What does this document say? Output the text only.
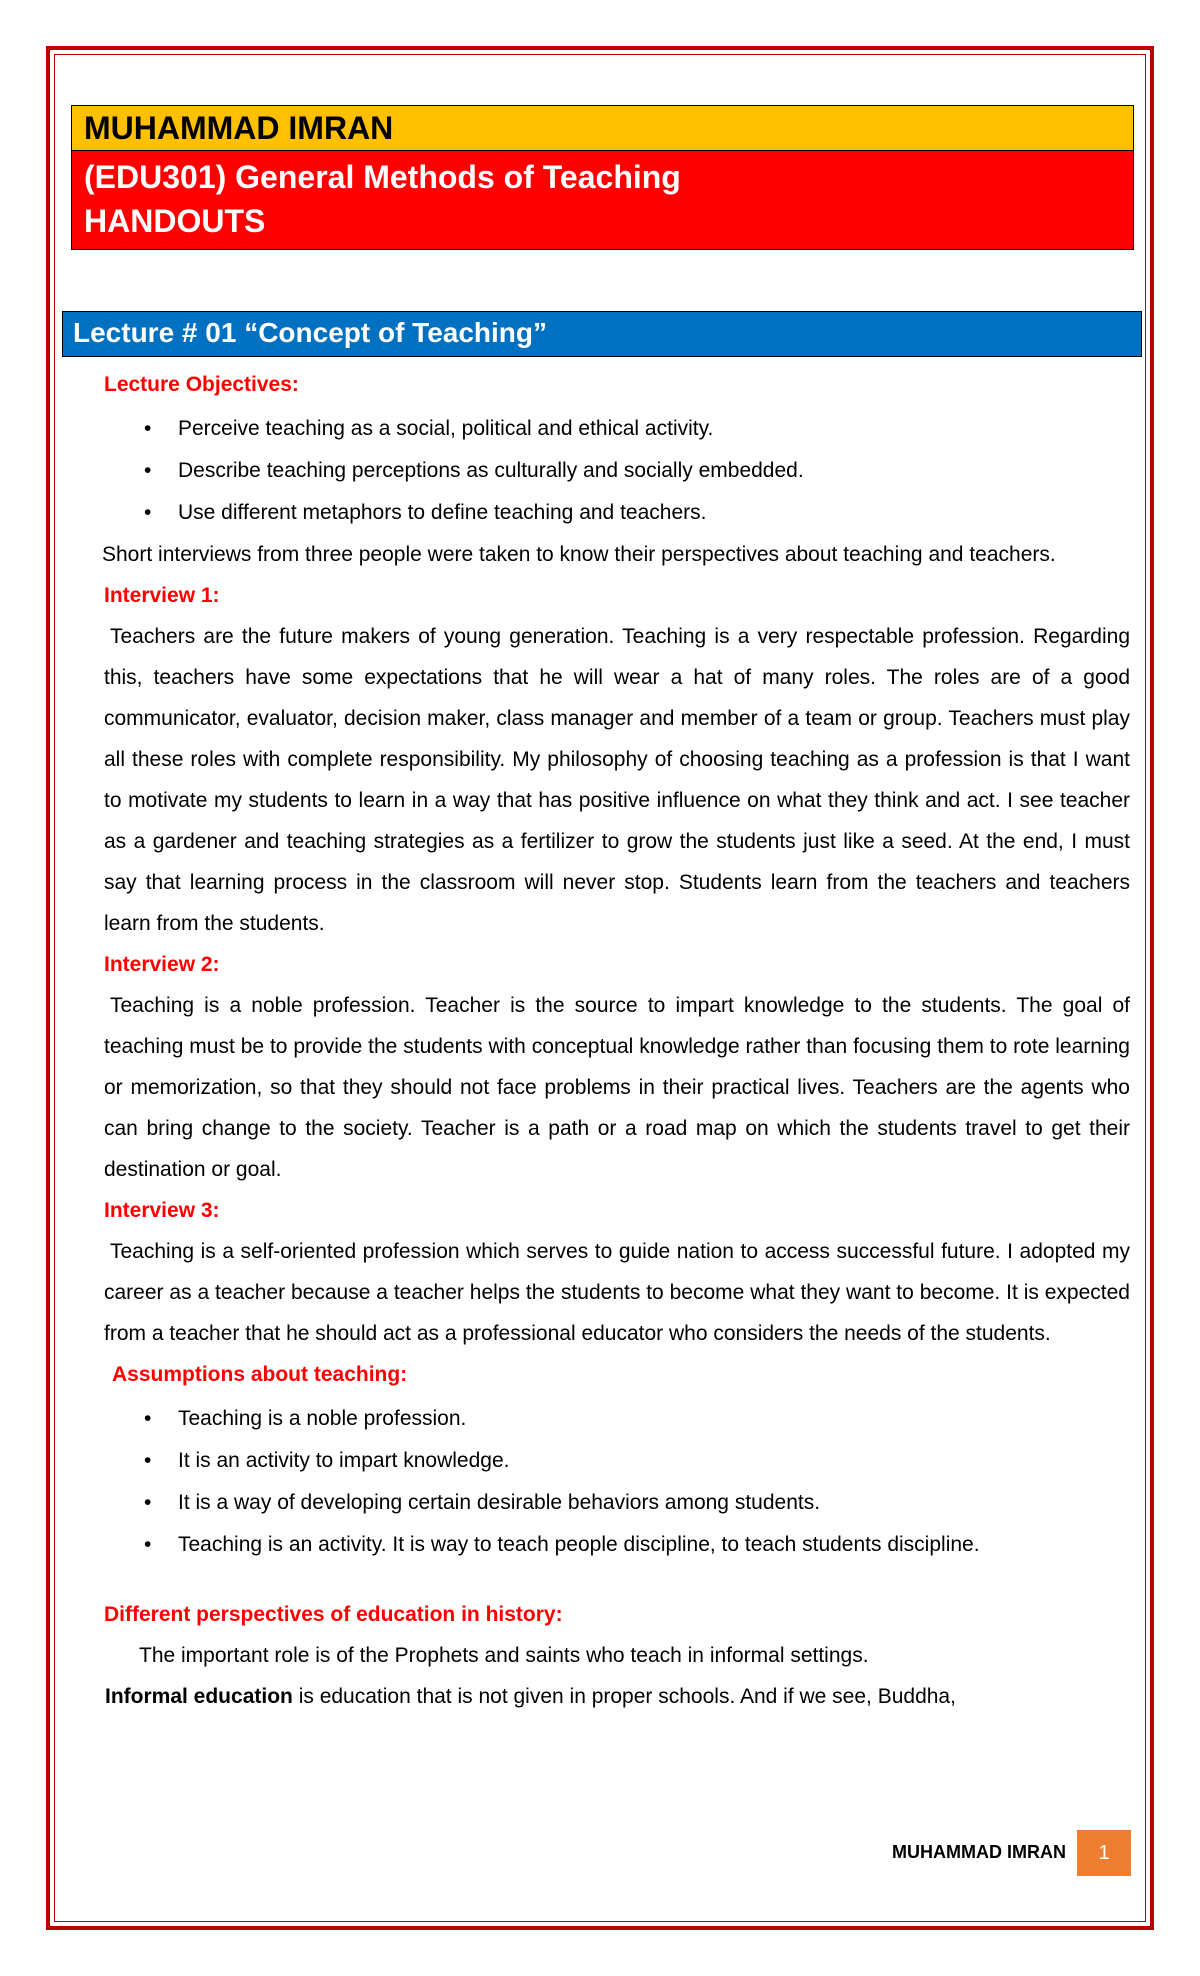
MUHAMMAD IMRAN
(EDU301) General Methods of Teaching
HANDOUTS
Lecture # 01 “Concept of Teaching”

Lecture Objectives:

• Perceive teaching as a social, political and ethical activity.
• Describe teaching perceptions as culturally and socially embedded.
• Use different metaphors to define teaching and teachers.

Short interviews from three people were taken to know their perspectives about teaching and teachers.

Interview 1:

Teachers are the future makers of young generation. Teaching is a very respectable profession. Regarding this, teachers have some expectations that he will wear a hat of many roles. The roles are of a good communicator, evaluator, decision maker, class manager and member of a team or group. Teachers must play all these roles with complete responsibility. My philosophy of choosing teaching as a profession is that I want to motivate my students to learn in a way that has positive influence on what they think and act. I see teacher as a gardener and teaching strategies as a fertilizer to grow the students just like a seed. At the end, I must say that learning process in the classroom will never stop. Students learn from the teachers and teachers learn from the students.

Interview 2:

Teaching is a noble profession. Teacher is the source to impart knowledge to the students. The goal of teaching must be to provide the students with conceptual knowledge rather than focusing them to rote learning or memorization, so that they should not face problems in their practical lives. Teachers are the agents who can bring change to the society. Teacher is a path or a road map on which the students travel to get their destination or goal.

Interview 3:

Teaching is a self-oriented profession which serves to guide nation to access successful future. I adopted my career as a teacher because a teacher helps the students to become what they want to become. It is expected from a teacher that he should act as a professional educator who considers the needs of the students.

Assumptions about teaching:

• Teaching is a noble profession.
• It is an activity to impart knowledge.
• It is a way of developing certain desirable behaviors among students.
• Teaching is an activity. It is way to teach people discipline, to teach students discipline.

Different perspectives of education in history:

The important role is of the Prophets and saints who teach in informal settings.

Informal education is education that is not given in proper schools. And if we see, Buddha,

MUHAMMAD IMRAN	1
